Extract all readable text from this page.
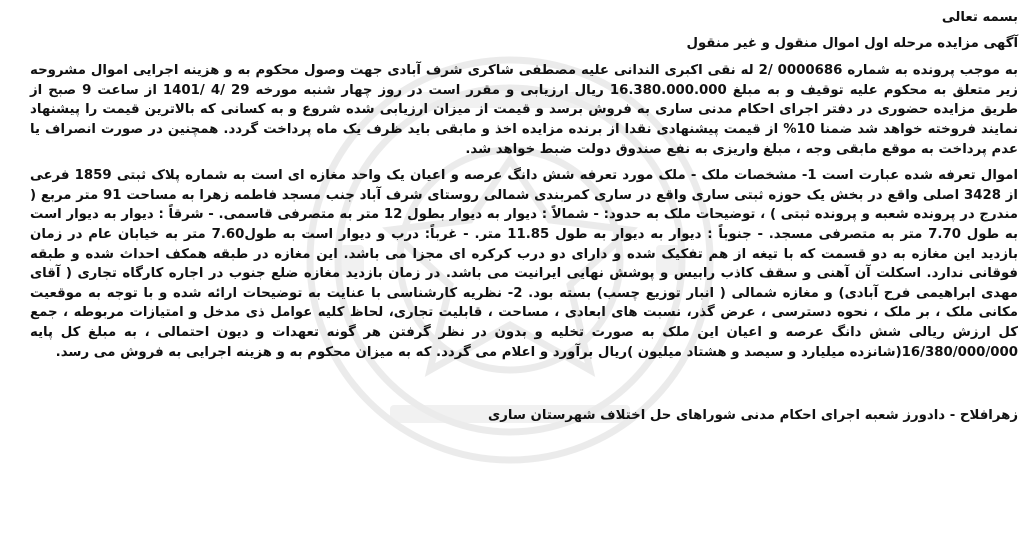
بسمه تعالی

آگهی مزایده مرحله اول اموال منقول و غیر منقول

به موجب پرونده به شماره 0000686 /2 له نقی اکبری الندانی علیه مصطفی شاکری شرف آبادی جهت وصول محکوم به و هزینه اجرایی اموال مشروحه زیر متعلق به محکوم علیه توقیف و به مبلغ 16.380.000.000 ریال ارزیابی و مقرر است در روز چهار شنبه مورخه 29 /4 /1401 از ساعت 9 صبح از طریق مزایده حضوری در دفتر اجرای احکام مدنی ساری به فروش برسد و قیمت از میزان ارزیابی شده شروع و به کسانی که بالاترین قیمت را پیشنهاد نمایند فروخته خواهد شد ضمنا 10% از قیمت پیشنهادی نقدا از برنده مزایده اخذ و مابقی باید ظرف یک ماه پرداخت گردد. همچنین در صورت انصراف یا عدم پرداخت به موقع مابقی وجه ، مبلغ واریزی به نفع صندوق دولت ضبط خواهد شد.

اموال تعرفه شده عبارت است 1- مشخصات ملک - ملک مورد تعرفه شش دانگ عرصه و اعیان یک واحد مغازه ای است به شماره پلاک ثبتی 1859 فرعی از 3428 اصلی واقع در بخش یک حوزه ثبتی ساری واقع در ساری کمربندی شمالی روستای شرف آباد جنب مسجد فاطمه زهرا به مساحت 91 متر مربع ( مندرج در پرونده شعبه و پرونده ثبتی ) ، توضیحات ملک به حدود: - شمالاً : دیوار به دیوار بطول 12 متر به متصرفی قاسمی. - شرقاً : دیوار به دیوار است به طول 7.70 متر به متصرفی مسجد. - جنوباً : دیوار به دیوار به طول 11.85 متر. - غرباً: درب و دیوار است به طول7.60 متر به خیابان عام در زمان بازدید این مغازه به دو قسمت که با تیغه از هم تفکیک شده و دارای دو درب کرکره ای مجزا می باشد. این مغازه در طبقه همکف احداث شده و طبقه فوقانی ندارد. اسکلت آن آهنی و سقف کاذب رابیس و پوشش نهایی ایرانیت می باشد. در زمان بازدید مغازه ضلع جنوب در اجاره کارگاه تجاری ( آقای مهدی ابراهیمی فرح آبادی) و مغازه شمالی ( انبار توزیع چسب) بسته بود. 2- نظریه کارشناسی با عنایت به توضیحات ارائه شده و با توجه به موقعیت مکانی ملک ، بر ملک ، نحوه دسترسی ، عرض گذر، نسبت های ابعادی ، مساحت ، قابلیت تجاری، لحاظ کلیه عوامل ذی مدخل و امتیازات مربوطه ، جمع کل ارزش ریالی شش دانگ عرصه و اعیان این ملک به صورت تخلیه و بدون در نظر گرفتن هر گونه تعهدات و دیون احتمالی ، به مبلغ کل پایه 16/380/000/000(شانزده میلیارد و سیصد و هشتاد میلیون )ریال برآورد و اعلام می گردد. که به میزان محکوم به و هزینه اجرایی به فروش می رسد.

زهرافلاح - دادورز شعبه اجرای احکام مدنی شوراهای حل اختلاف شهرستان ساری
